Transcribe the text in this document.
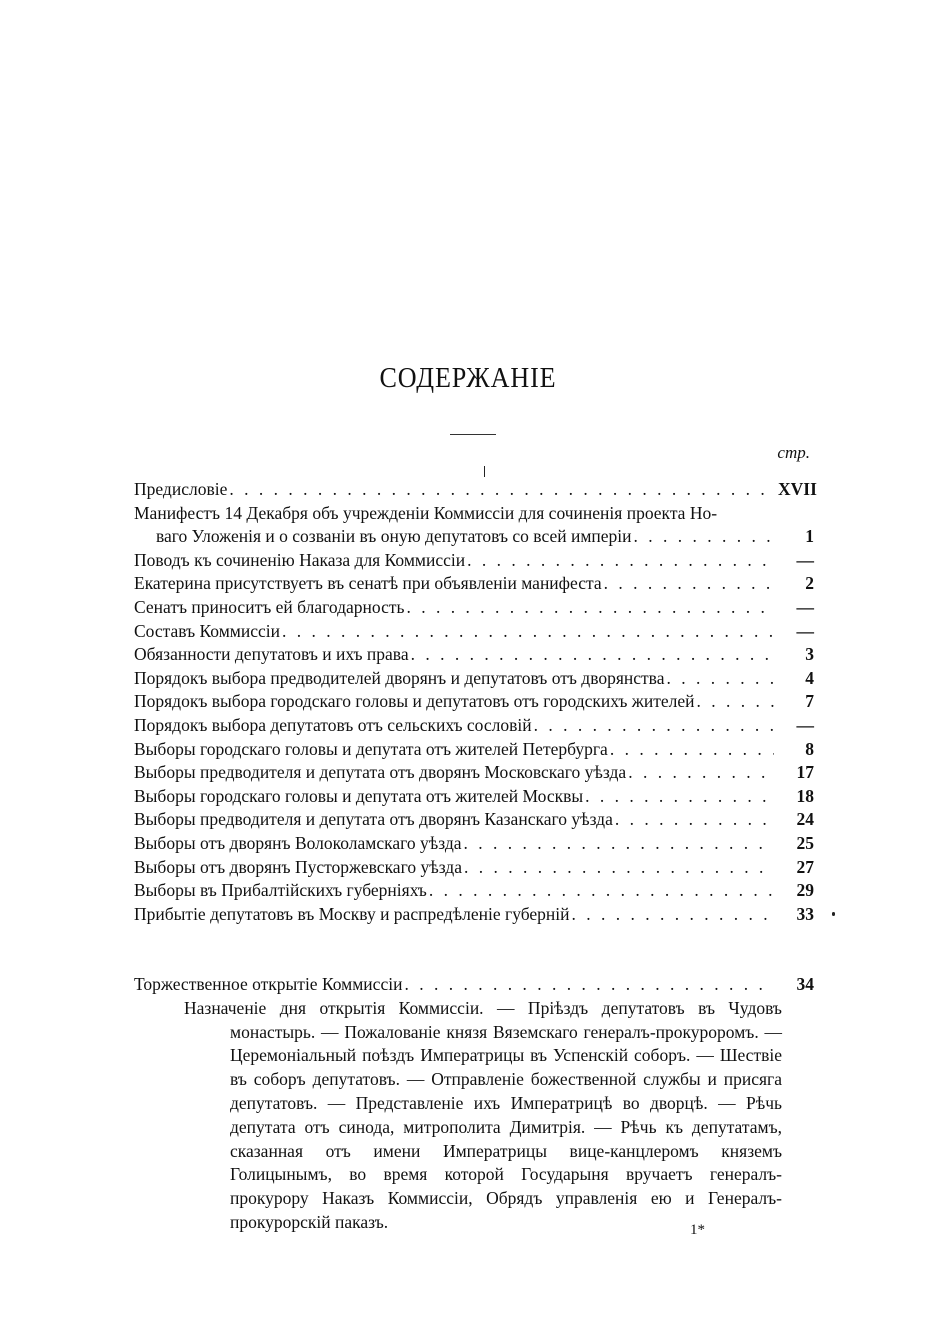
СОДЕРЖАНІЕ
стр.
Предисловіе . . .	XVII
Манифестъ 14 Декабря объ учрежденіи Коммиссіи для сочиненія проекта Но-
ваго Уложенія и о созваніи въ оную депутатовъ со всей имперіи . . .	1
Поводъ къ сочиненію Наказа для Коммиссіи . . .	—
Екатерина присутствуетъ въ сенатѣ при объявленіи манифеста . . .	2
Сенатъ приноситъ ей благодарность . . .	—
Составъ Коммиссіи . . .	—
Обязанности депутатовъ и ихъ права . . .	3
Порядокъ выбора предводителей дворянъ и депутатовъ отъ дворянства . . .	4
Порядокъ выбора городскаго головы и депутатовъ отъ городскихъ жителей . . .	7
Порядокъ выбора депутатовъ отъ сельскихъ сословій . . .	—
Выборы городскаго головы и депутата отъ жителей Петербурга . . .	8
Выборы предводителя и депутата отъ дворянъ Московскаго уѣзда . . .	17
Выборы городскаго головы и депутата отъ жителей Москвы . . .	18
Выборы предводителя и депутата отъ дворянъ Казанскаго уѣзда . . .	24
Выборы отъ дворянъ Волоколамскаго уѣзда . . .	25
Выборы отъ дворянъ Пусторжевскаго уѣзда . . .	27
Выборы въ Прибалтійскихъ губерніяхъ . . .	29
Прибытіе депутатовъ въ Москву и распредѣленіе губерній . . .	33
Торжественное открытіе Коммиссіи . . .	34
Назначеніе дня открытія Коммиссіи. — Пріѣздъ депутатовъ въ Чудовъ монастырь. — Пожалованіе князя Вяземскаго генералъ-прокуроромъ. — Церемоніальный поѣздъ Императрицы въ Успенскій соборъ. — Шествіе въ соборъ депутатовъ. — Отправленіе божественной службы и присяга депутатовъ. — Представленіе ихъ Императрицѣ во дворцѣ. — Рѣчь депутата отъ синода, митрополита Димитрія. — Рѣчь къ депутатамъ, сказанная отъ имени Императрицы вице-канцлеромъ княземъ Голицынымъ, во время которой Государыня вручаетъ генералъ-прокурору Наказъ Коммиссіи, Обрядъ управленія ею и Генералъ-прокурорскій паказъ.	1*
